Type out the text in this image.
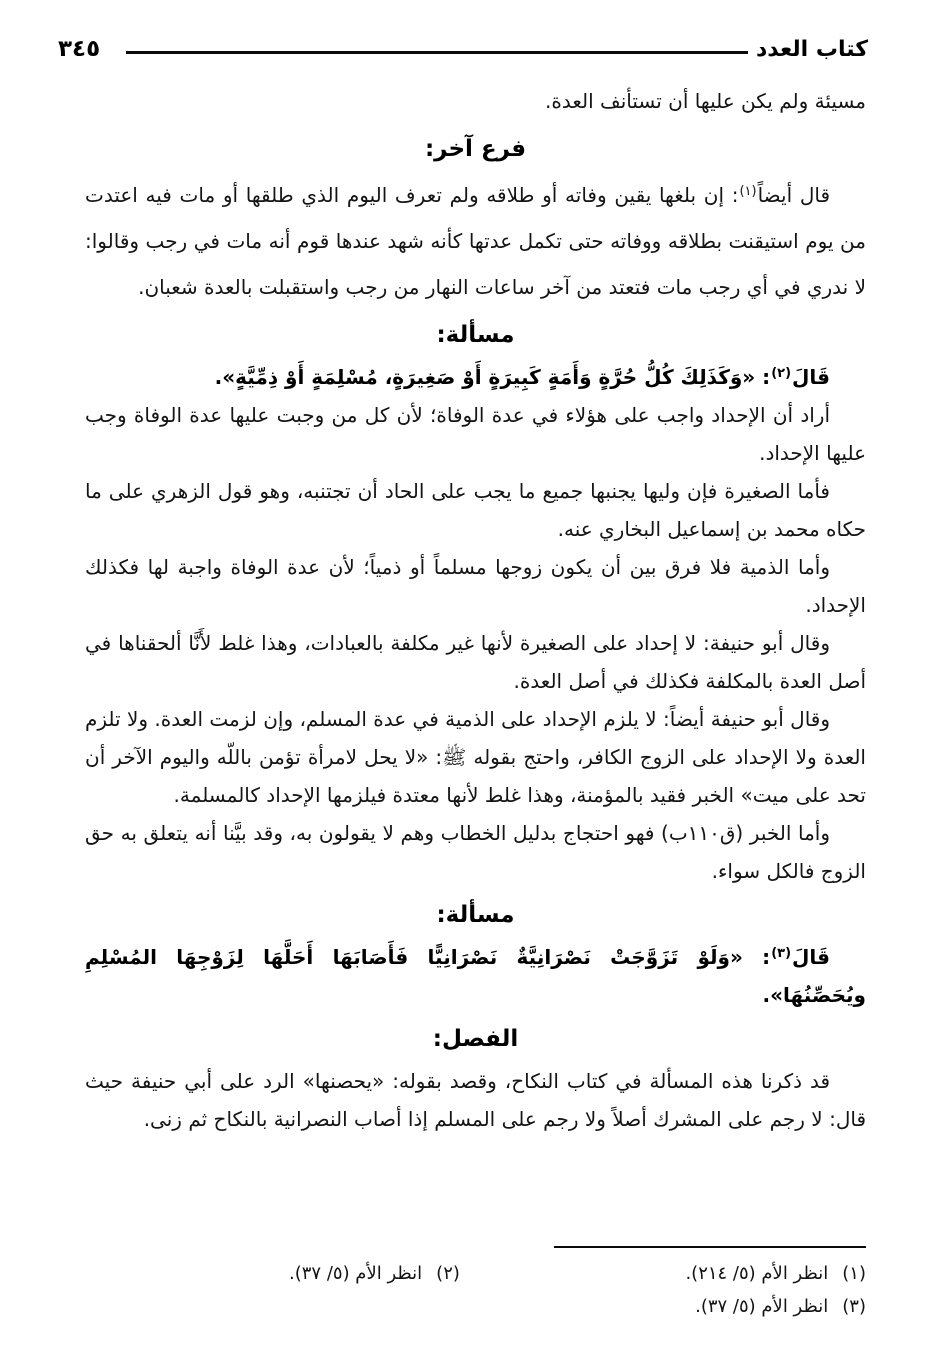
كتاب العدد
٣٤٥

مسيئة ولم يكن عليها أن تستأنف العدة.

فرع آخر:

قال أيضاً$^{(١)}$: إن بلغها يقين وفاته أو طلاقه ولم تعرف اليوم الذي طلقها أو مات فيه اعتدت من يوم استيقنت بطلاقه ووفاته حتى تكمل عدتها كأنه شهد عندها قوم أنه مات في رجب وقالوا: لا ندري في أي رجب مات فتعتد من آخر ساعات النهار من رجب واستقبلت بالعدة شعبان.

مسألة:

قَالَ$^{(٢)}$: «وَكَذَلِكَ كُلُّ حُرَّةٍ وَأَمَةٍ كَبِيرَةٍ أَوْ صَغِيرَةٍ، مُسْلِمَةٍ أَوْ ذِمِّيَّةٍ».

أراد أن الإحداد واجب على هؤلاء في عدة الوفاة؛ لأن كل من وجبت عليها عدة الوفاة وجب عليها الإحداد.

فأما الصغيرة فإن وليها يجنبها جميع ما يجب على الحاد أن تجتنبه، وهو قول الزهري على ما حكاه محمد بن إسماعيل البخاري عنه.

وأما الذمية فلا فرق بين أن يكون زوجها مسلماً أو ذمياً؛ لأن عدة الوفاة واجبة لها فكذلك الإحداد.

وقال أبو حنيفة: لا إحداد على الصغيرة لأنها غير مكلفة بالعبادات، وهذا غلط لأَنَّا ألحقناها في أصل العدة بالمكلفة فكذلك في أصل العدة.

وقال أبو حنيفة أيضاً: لا يلزم الإحداد على الذمية في عدة المسلم، وإن لزمت العدة. ولا تلزم العدة ولا الإحداد على الزوج الكافر، واحتج بقوله ﷺ: «لا يحل لامرأة تؤمن باللّه واليوم الآخر أن تحد على ميت» الخبر فقيد بالمؤمنة، وهذا غلط لأنها معتدة فيلزمها الإحداد كالمسلمة.

وأما الخبر (ق١١٠ب) فهو احتجاج بدليل الخطاب وهم لا يقولون به، وقد بيَّنا أنه يتعلق به حق الزوج فالكل سواء.

مسألة:

قَالَ$^{(٣)}$: «وَلَوْ تَزَوَّجَتْ نَصْرَانِيَّةٌ نَصْرَانِيًّا فَأَصَابَهَا أَحَلَّهَا لِزَوْجِهَا المُسْلِمِ ويُحَصِّنُهَا».

الفصل:

قد ذكرنا هذه المسألة في كتاب النكاح، وقصد بقوله: «يحصنها» الرد على أبي حنيفة حيث قال: لا رجم على المشرك أصلاً ولا رجم على المسلم إذا أصاب النصرانية بالنكاح ثم زنى.

(١)
انظر الأم (٥/ ٢١٤).
(٢)
انظر الأم (٥/ ٣٧).
(٣)
انظر الأم (٥/ ٣٧).
